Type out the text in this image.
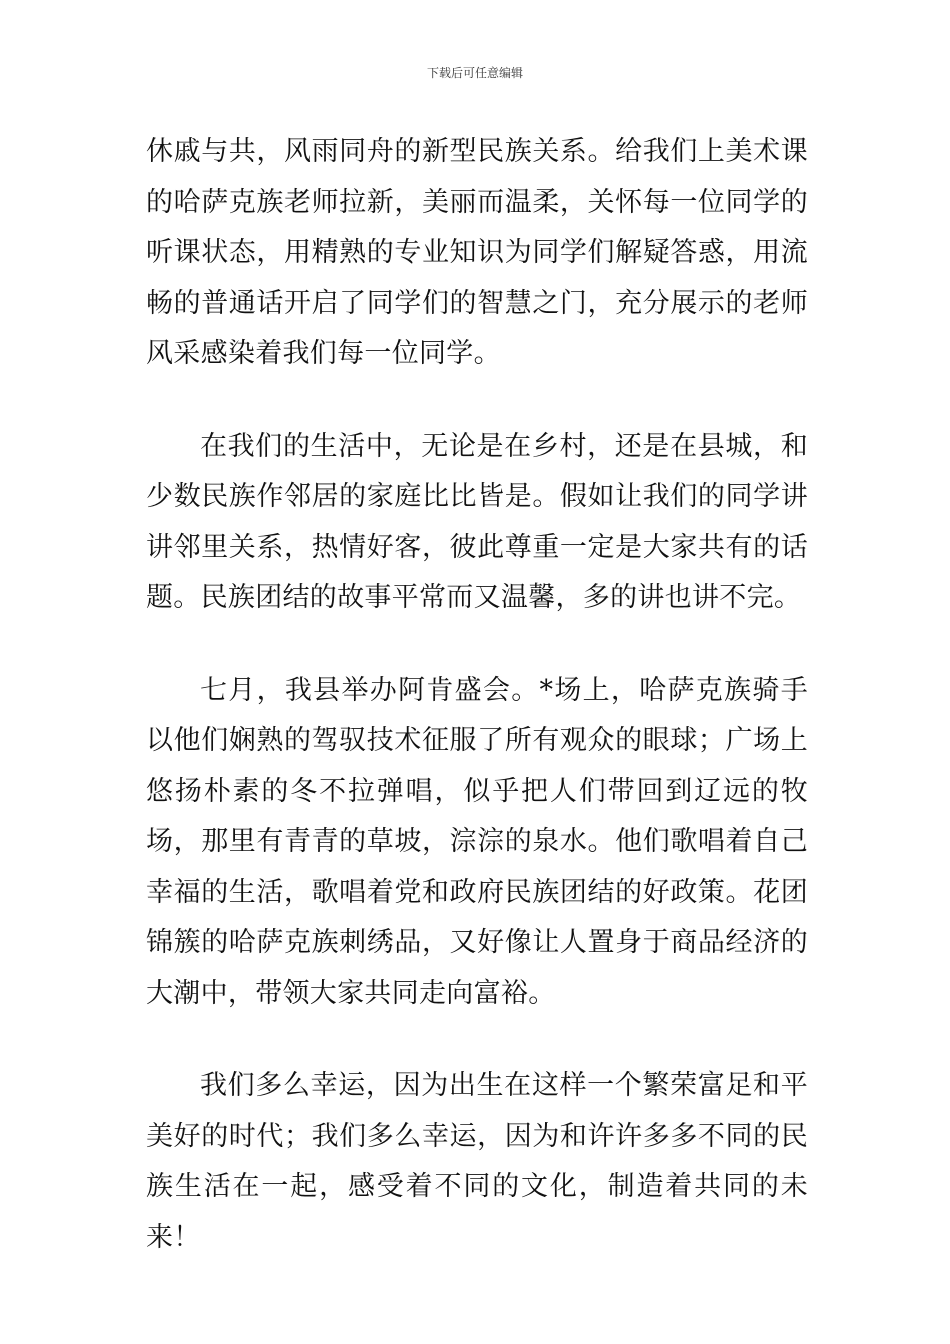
下载后可任意编辑

休戚与共，风雨同舟的新型民族关系。给我们上美术课的哈萨克族老师拉新，美丽而温柔，关怀每一位同学的听课状态，用精熟的专业知识为同学们解疑答惑，用流畅的普通话开启了同学们的智慧之门，充分展示的老师风采感染着我们每一位同学。

在我们的生活中，无论是在乡村，还是在县城，和少数民族作邻居的家庭比比皆是。假如让我们的同学讲讲邻里关系，热情好客，彼此尊重一定是大家共有的话题。民族团结的故事平常而又温馨，多的讲也讲不完。

七月，我县举办阿肯盛会。*场上，哈萨克族骑手以他们娴熟的驾驭技术征服了所有观众的眼球；广场上悠扬朴素的冬不拉弹唱，似乎把人们带回到辽远的牧场，那里有青青的草坡，淙淙的泉水。他们歌唱着自己幸福的生活，歌唱着党和政府民族团结的好政策。花团锦簇的哈萨克族刺绣品，又好像让人置身于商品经济的大潮中，带领大家共同走向富裕。

我们多么幸运，因为出生在这样一个繁荣富足和平美好的时代；我们多么幸运，因为和许许多多不同的民族生活在一起，感受着不同的文化，制造着共同的未来！
